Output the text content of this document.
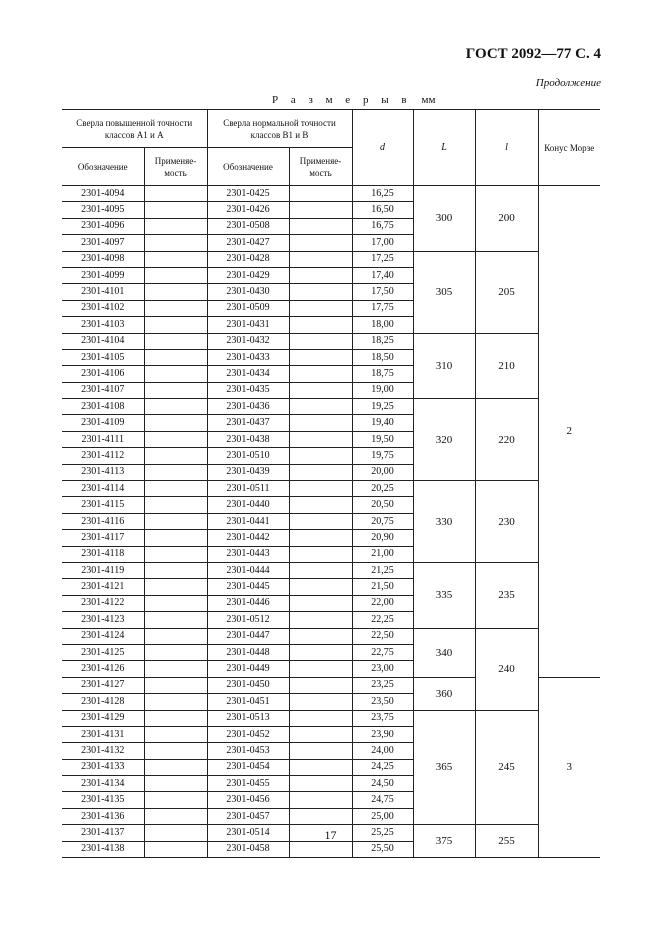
ГОСТ 2092—77 С. 4
Продолжение
Р а з м е р ы в мм
Сверла повышенной точности классов А1 и А		Сверла нормальной точности классов В1 и В		d	L	l	Конус Морзе
Обозначение	Применяе-мость	Обозначение	Применяе-мость				
2301-4094		2301-0425		16,25	300	200	2
2301-4095		2301-0426		16,50			
2301-4096		2301-0508		16,75			
2301-4097		2301-0427		17,00			
2301-4098		2301-0428		17,25	305	205	
2301-4099		2301-0429		17,40			
2301-4101		2301-0430		17,50			
2301-4102		2301-0509		17,75			
2301-4103		2301-0431		18,00			
2301-4104		2301-0432		18,25	310	210	
2301-4105		2301-0433		18,50			
2301-4106		2301-0434		18,75			
2301-4107		2301-0435		19,00			
2301-4108		2301-0436		19,25	320	220	
2301-4109		2301-0437		19,40			
2301-4111		2301-0438		19,50			
2301-4112		2301-0510		19,75			
2301-4113		2301-0439		20,00			
2301-4114		2301-0511		20,25	330	230	
2301-4115		2301-0440		20,50			
2301-4116		2301-0441		20,75			
2301-4117		2301-0442		20,90			
2301-4118		2301-0443		21,00			
2301-4119		2301-0444		21,25	335	235	
2301-4121		2301-0445		21,50			
2301-4122		2301-0446		22,00			
2301-4123		2301-0512		22,25			
2301-4124		2301-0447		22,50	340	240	
2301-4125		2301-0448		22,75			
2301-4126		2301-0449		23,00			
2301-4127		2301-0450		23,25	360		3
2301-4128		2301-0451		23,50			
2301-4129		2301-0513		23,75	365	245	
2301-4131		2301-0452		23,90			
2301-4132		2301-0453		24,00			
2301-4133		2301-0454		24,25			
2301-4134		2301-0455		24,50			
2301-4135		2301-0456		24,75			
2301-4136		2301-0457		25,00			
2301-4137		2301-0514		25,25	375	255	
2301-4138		2301-0458		25,50			
17
